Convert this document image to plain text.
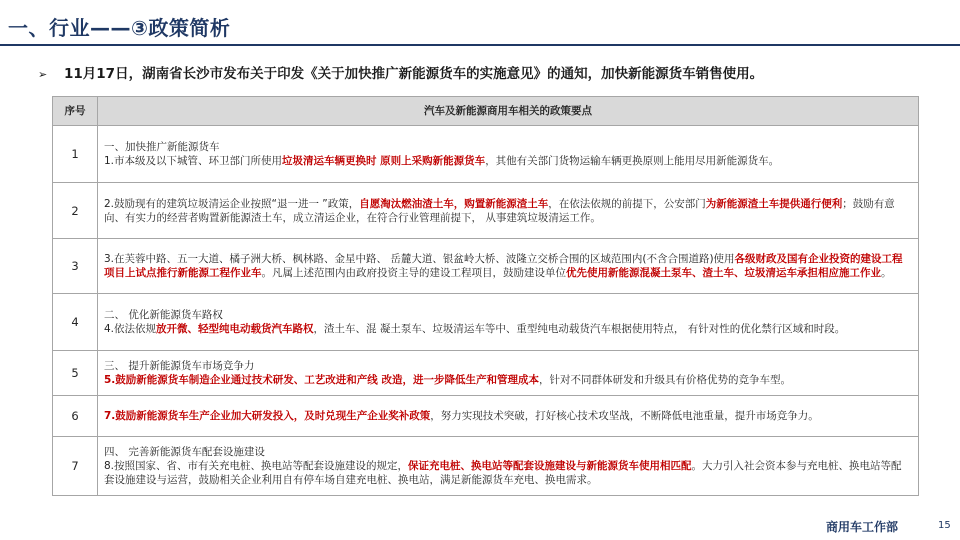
一、行业——③政策简析
➢ 11月17日，湖南省长沙市发布关于印发《关于加快推广新能源货车的实施意见》的通知，加快新能源货车销售使用。
序号	汽车及新能源商用车相关的政策要点
1	一、加快推广新能源货车
1.市本级及以下城管、环卫部门所使用垃圾清运车辆更换时 原则上采购新能源货车，其他有关部门货物运输车辆更换原则上能用尽用新能源货车。

2	2.鼓励现有的建筑垃圾清运企业按照“退一进一 ”政策，自愿淘汰燃油渣土车，购置新能源渣土车，在依法依规的前提下，公安部门为新能源渣土车提供通行便利；鼓励有意向、有实力的经营者购置新能源渣土车，成立清运企业，在符合行业管理前提下， 从事建筑垃圾清运工作。

3	3.在芙蓉中路、五一大道、橘子洲大桥、枫林路、金星中路、 岳麓大道、银盆岭大桥、波隆立交桥合围的区域范围内(不含合围道路)使用各级财政及国有企业投资的建设工程项目上试点推行新能源工程作业车。凡属上述范围内由政府投资主导的建设工程项目，鼓励建设单位优先使用新能源混凝土泵车、渣土车、垃圾清运车承担相应施工作业。

4	二、 优化新能源货车路权
4.依法依规放开微、轻型纯电动载货汽车路权，渣土车、混 凝土泵车、垃圾清运车等中、重型纯电动载货汽车根据使用特点， 有针对性的优化禁行区域和时段。

5	三、 提升新能源货车市场竞争力
5.鼓励新能源货车制造企业通过技术研发、工艺改进和产线 改造，进一步降低生产和管理成本，针对不同群体研发和升级具有价格优势的竞争车型。

6	7.鼓励新能源货车生产企业加大研发投入，及时兑现生产企业奖补政策，努力实现技术突破，打好核心技术攻坚战，不断降低电池重量，提升市场竞争力。

7	四、 完善新能源货车配套设施建设
8.按照国家、省、市有关充电桩、换电站等配套设施建设的规定，保证充电桩、换电站等配套设施建设与新能源货车使用相匹配。大力引入社会资本参与充电桩、换电站等配套设施建设与运营，鼓励相关企业利用自有停车场自建充电桩、换电站，满足新能源货车充电、换电需求。
商用车工作部	15
